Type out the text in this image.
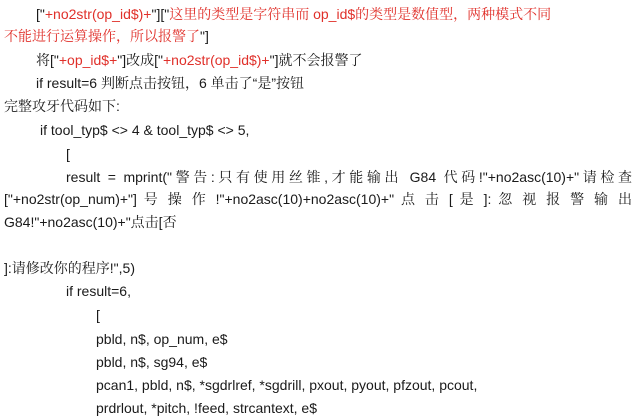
["+no2str(op_id$)+"]["这里的类型是字符串而 op_id$的类型是数值型，两种模式不同
不能进行运算操作，所以报警了"]
将["+op_id$+"]改成["+no2str(op_id$)+"]就不会报警了
if result=6 判断点击按钮，6 单击了“是”按钮
完整攻牙代码如下:
if tool_typ$ <> 4 & tool_typ$ <> 5,
[
result = mprint("警告:只有使用丝锥,才能输出 G84 代码!"+no2asc(10)+"请检查
["+no2str(op_num)+"] 号 操 作 !"+no2asc(10)+no2asc(10)+" 点 击 [ 是 ]: 忽 视 报 警 输 出
G84!"+no2asc(10)+"点击[否
]:请修改你的程序!",5)
if result=6,
[
pbld, n$, op_num, e$
pbld, n$, sg94, e$
pcan1, pbld, n$, *sgdrlref, *sgdrill, pxout, pyout, pfzout, pcout,
prdrlout, *pitch, !feed, strcantext, e$
